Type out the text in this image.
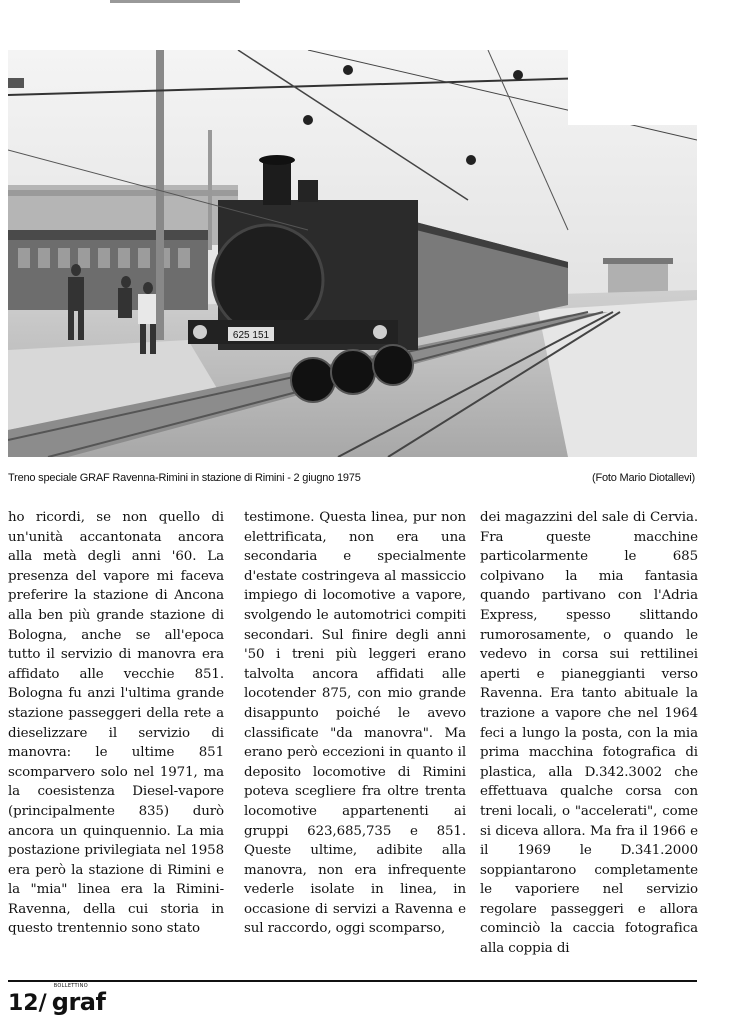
625 151
Treno speciale GRAF Ravenna-Rimini in stazione di Rimini - 2 giugno 1975	(Foto Mario Diotallevi)

ho ricordi, se non quello di un'unità accantonata ancora alla metà degli anni '60. La presenza del vapore mi faceva preferire la stazione di Ancona alla ben più grande stazione di Bologna, anche se all'epoca tutto il servizio di manovra era affidato alle vecchie 851. Bologna fu anzi l'ultima grande stazione passeggeri della rete a dieselizzare il servizio di manovra: le ultime 851 scomparvero solo nel 1971, ma la coesistenza Diesel-vapore (principalmente 835) durò ancora un quinquennio. La mia postazione privilegiata nel 1958 era però la stazione di Rimini e la "mia" linea era la Rimini-Ravenna, della cui storia in questo trentennio sono stato

testimone. Questa linea, pur non elettrificata, non era una secondaria e specialmente d'estate costringeva al massiccio impiego di locomotive a vapore, svolgendo le automotrici compiti secondari. Sul finire degli anni '50 i treni più leggeri erano talvolta ancora affidati alle locotender 875, con mio grande disappunto poiché le avevo classificate "da manovra". Ma erano però eccezioni in quanto il deposito locomotive di Rimini poteva scegliere fra oltre trenta locomotive appartenenti ai gruppi 623,685,735 e 851. Queste ultime, adibite alla manovra, non era infrequente vederle isolate in linea, in occasione di servizi a Ravenna e sul raccordo, oggi scomparso,

dei magazzini del sale di Cervia. Fra queste macchine particolarmente le 685 colpivano la mia fantasia quando partivano con l'Adria Express, spesso slittando rumorosamente, o quando le vedevo in corsa sui rettilinei aperti e pianeggianti verso Ravenna. Era tanto abituale la trazione a vapore che nel 1964 feci a lungo la posta, con la mia prima macchina fotografica di plastica, alla D.342.3002 che effettuava qualche corsa con treni locali, o "accelerati", come si diceva allora. Ma fra il 1966 e il 1969 le D.341.2000 soppiantarono completamente le vaporiere nel servizio regolare passeggeri e allora cominciò la caccia fotografica alla coppia di

12/
BOLLETTINO
graf
